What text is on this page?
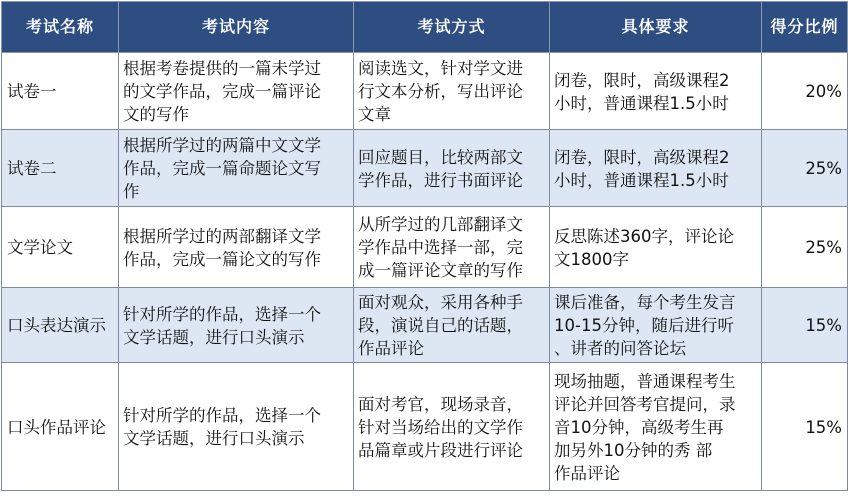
考试名称	考试内容	考试方式	具体要求	得分比例
试卷一	根据考卷提供的一篇未学过
的文学作品，完成一篇评论
文的写作	阅读选文，针对学文进
行文本分析，写出评论
文章	闭卷，限时，高级课程2
小时，普通课程1.5小时	20%
试卷二	根据所学过的两篇中文文学
作品，完成一篇命题论文写
作	回应题目，比较两部文
学作品，进行书面评论	闭卷，限时，高级课程2
小时，普通课程1.5小时	25%
文学论文	根据所学过的两部翻译文学
作品，完成一篇论文的写作	从所学过的几部翻译文
学作品中选择一部，完
成一篇评论文章的写作	反思陈述360字，评论论
文1800字	25%
口头表达演示	针对所学的作品，选择一个
文学话题，进行口头演示	面对观众，采用各种手
段，演说自己的话题，
作品评论	课后准备，每个考生发言
10-15分钟，随后进行听
、讲者的问答论坛	15%
口头作品评论	针对所学的作品，选择一个
文学话题，进行口头演示	面对考官，现场录音，
针对当场给出的文学作
品篇章或片段进行评论	现场抽题，普通课程考生
评论并回答考官提问，录
音10分钟，高级考生再
加另外10分钟的秀 部
作品评论	15%
